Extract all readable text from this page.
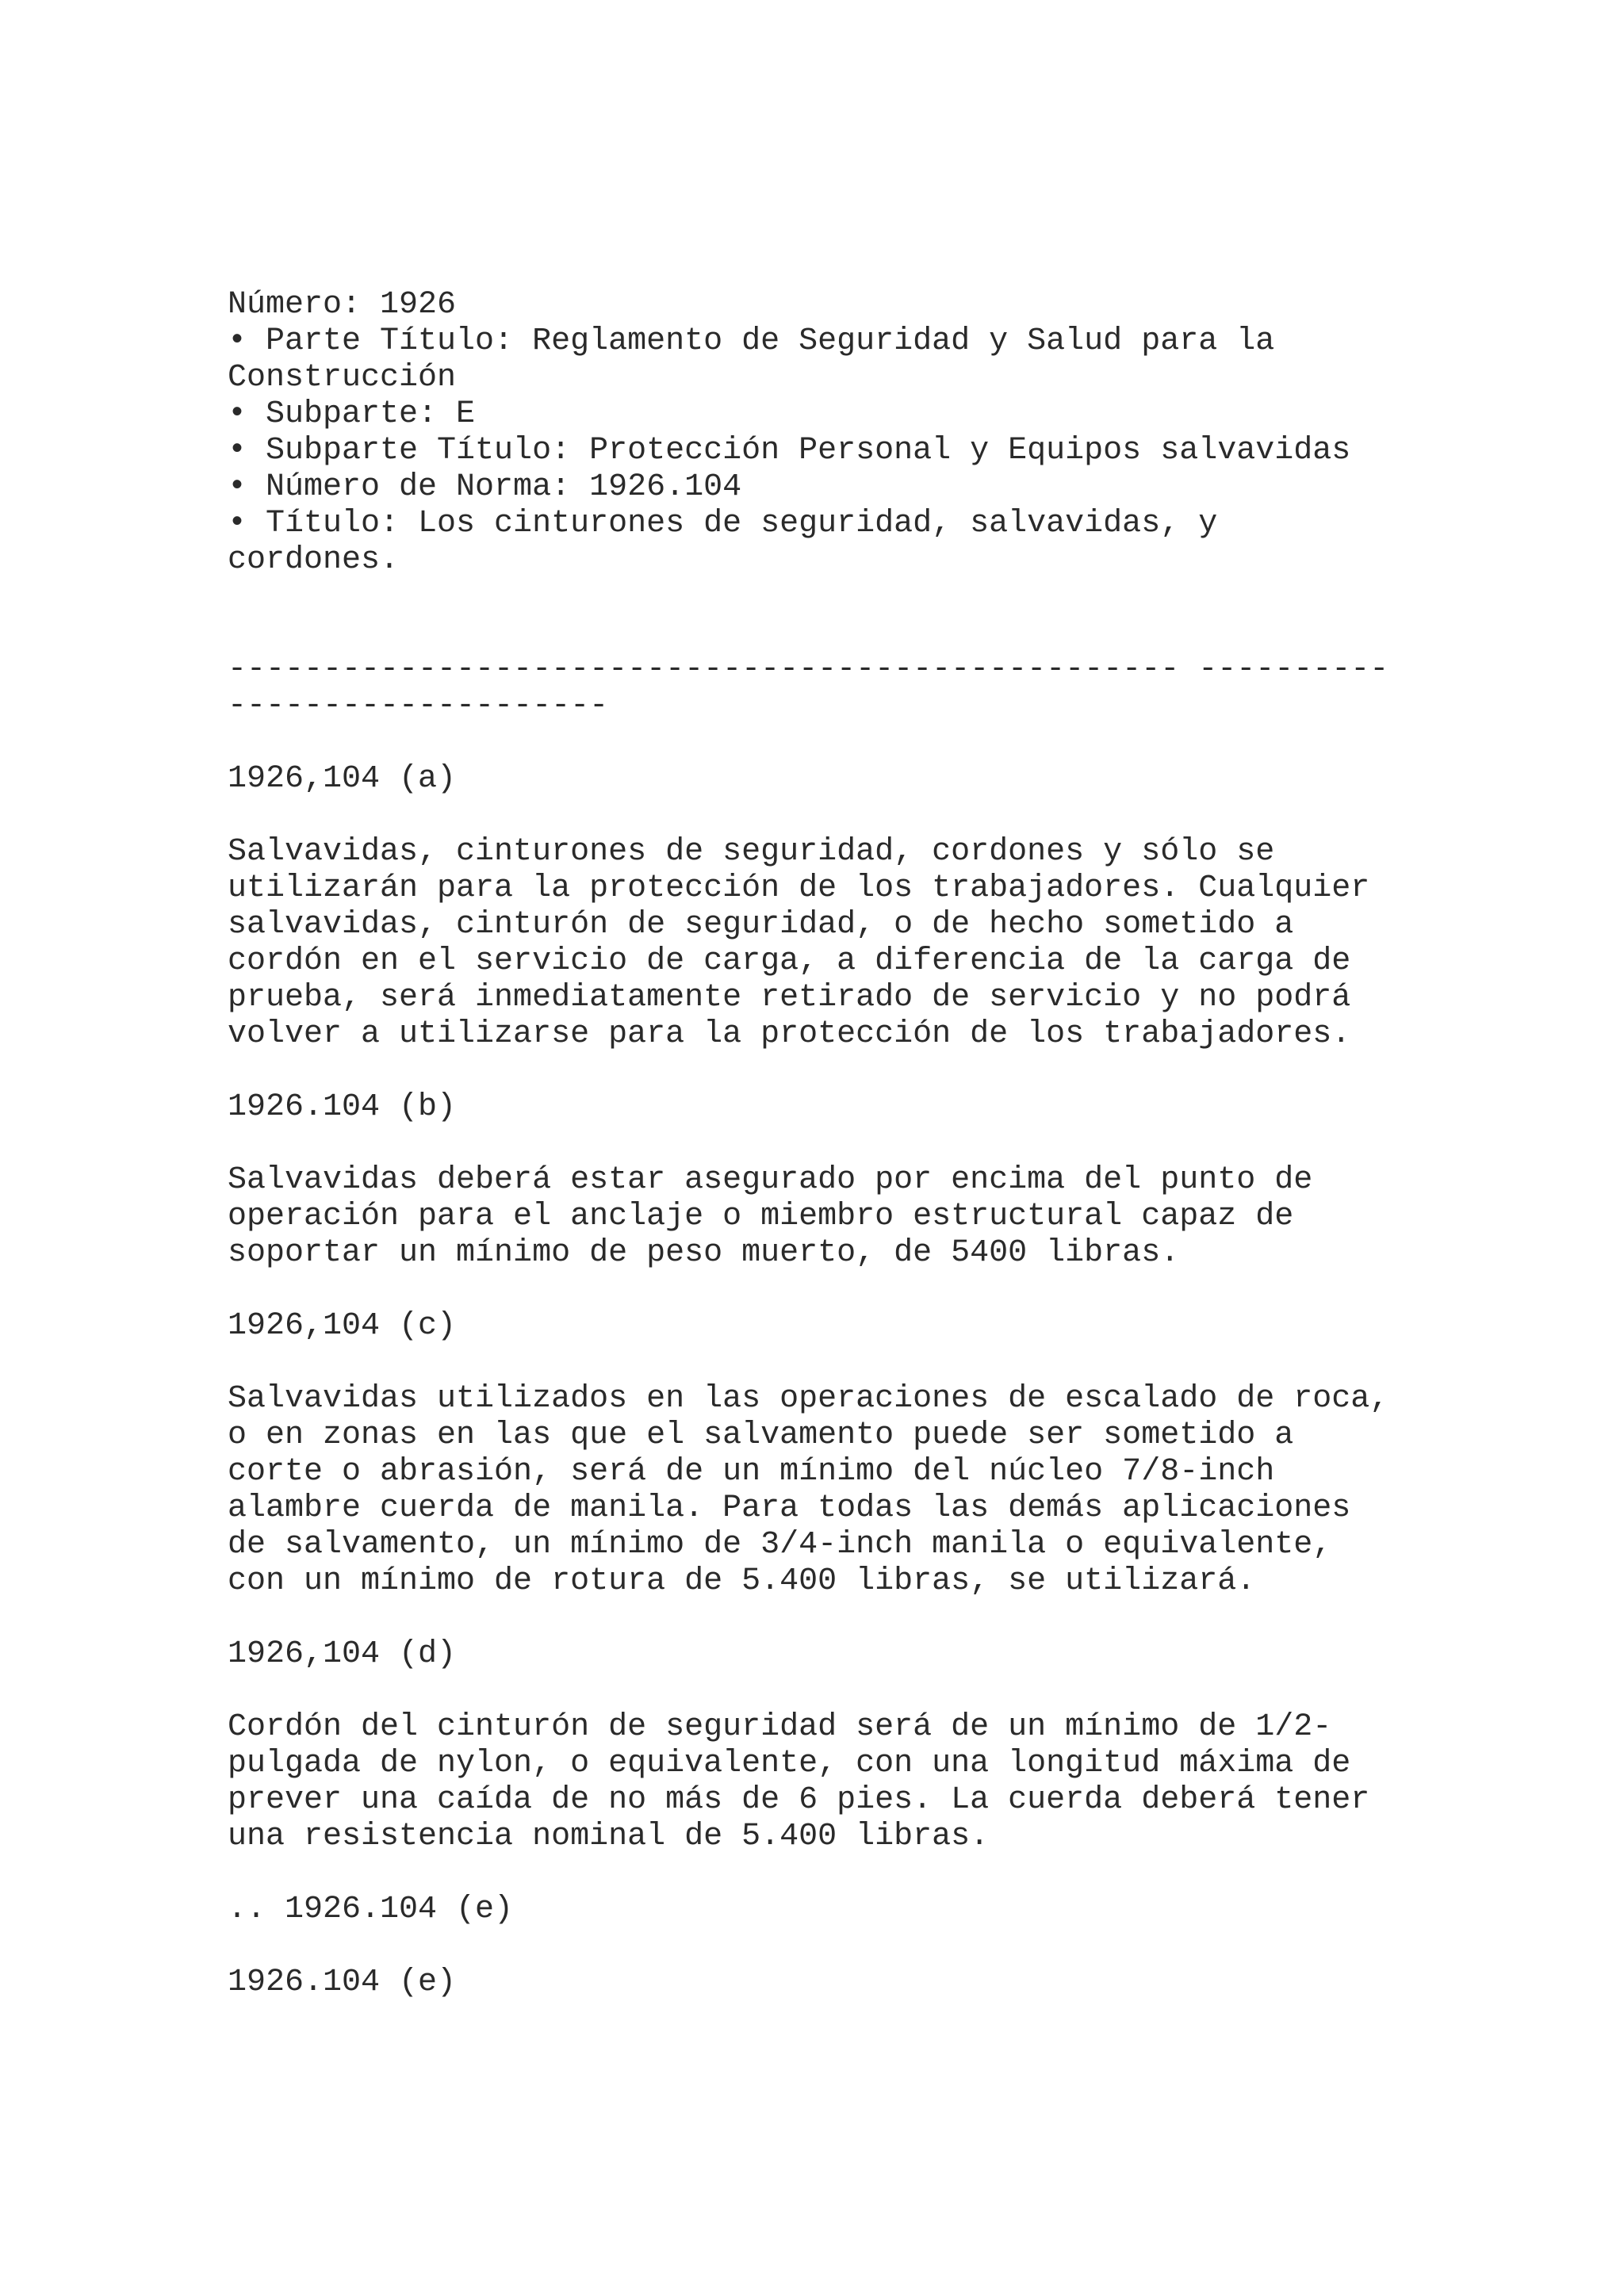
Número: 1926
• Parte Título: Reglamento de Seguridad y Salud para la
Construcción
• Subparte: E
• Subparte Título: Protección Personal y Equipos salvavidas
• Número de Norma: 1926.104
• Título: Los cinturones de seguridad, salvavidas, y
cordones.
-------------------------------------------------- ----------
--------------------
1926,104 (a)
Salvavidas, cinturones de seguridad, cordones y sólo se
utilizarán para la protección de los trabajadores. Cualquier
salvavidas, cinturón de seguridad, o de hecho sometido a
cordón en el servicio de carga, a diferencia de la carga de
prueba, será inmediatamente retirado de servicio y no podrá
volver a utilizarse para la protección de los trabajadores.
1926.104 (b)
Salvavidas deberá estar asegurado por encima del punto de
operación para el anclaje o miembro estructural capaz de
soportar un mínimo de peso muerto, de 5400 libras.
1926,104 (c)
Salvavidas utilizados en las operaciones de escalado de roca,
o en zonas en las que el salvamento puede ser sometido a
corte o abrasión, será de un mínimo del núcleo 7/8-inch
alambre cuerda de manila. Para todas las demás aplicaciones
de salvamento, un mínimo de 3/4-inch manila o equivalente,
con un mínimo de rotura de 5.400 libras, se utilizará.
1926,104 (d)
Cordón del cinturón de seguridad será de un mínimo de 1/2-
pulgada de nylon, o equivalente, con una longitud máxima de
prever una caída de no más de 6 pies. La cuerda deberá tener
una resistencia nominal de 5.400 libras.
.. 1926.104 (e)
1926.104 (e)
